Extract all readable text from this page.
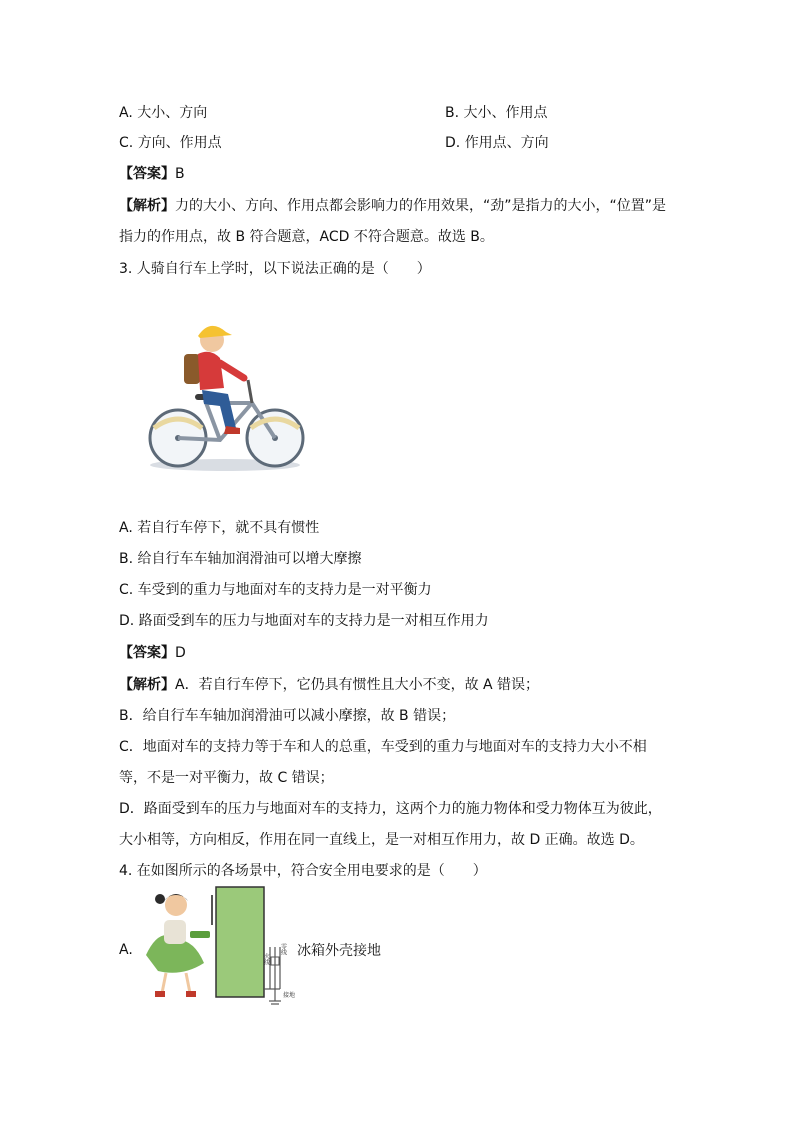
A. 大小、方向	B. 大小、作用点
C. 方向、作用点	D. 作用点、方向
【答案】B
【解析】力的大小、方向、作用点都会影响力的作用效果，“劲”是指力的大小，“位置”是
指力的作用点，故 B 符合题意，ACD 不符合题意。故选 B。
3. 人骑自行车上学时，以下说法正确的是（　　）
A. 若自行车停下，就不具有惯性
B. 给自行车车轴加润滑油可以增大摩擦
C. 车受到的重力与地面对车的支持力是一对平衡力
D. 路面受到车的压力与地面对车的支持力是一对相互作用力
【答案】D
【解析】A．若自行车停下，它仍具有惯性且大小不变，故 A 错误；
B．给自行车车轴加润滑油可以减小摩擦，故 B 错误；
C．地面对车的支持力等于车和人的总重，车受到的重力与地面对车的支持力大小不相
等，不是一对平衡力，故 C 错误；
D．路面受到车的压力与地面对车的支持力，这两个力的施力物体和受力物体互为彼此，
大小相等，方向相反，作用在同一直线上，是一对相互作用力，故 D 正确。故选 D。
4. 在如图所示的各场景中，符合安全用电要求的是（　　）
A.
火线
零线
接地
冰箱外壳接地
